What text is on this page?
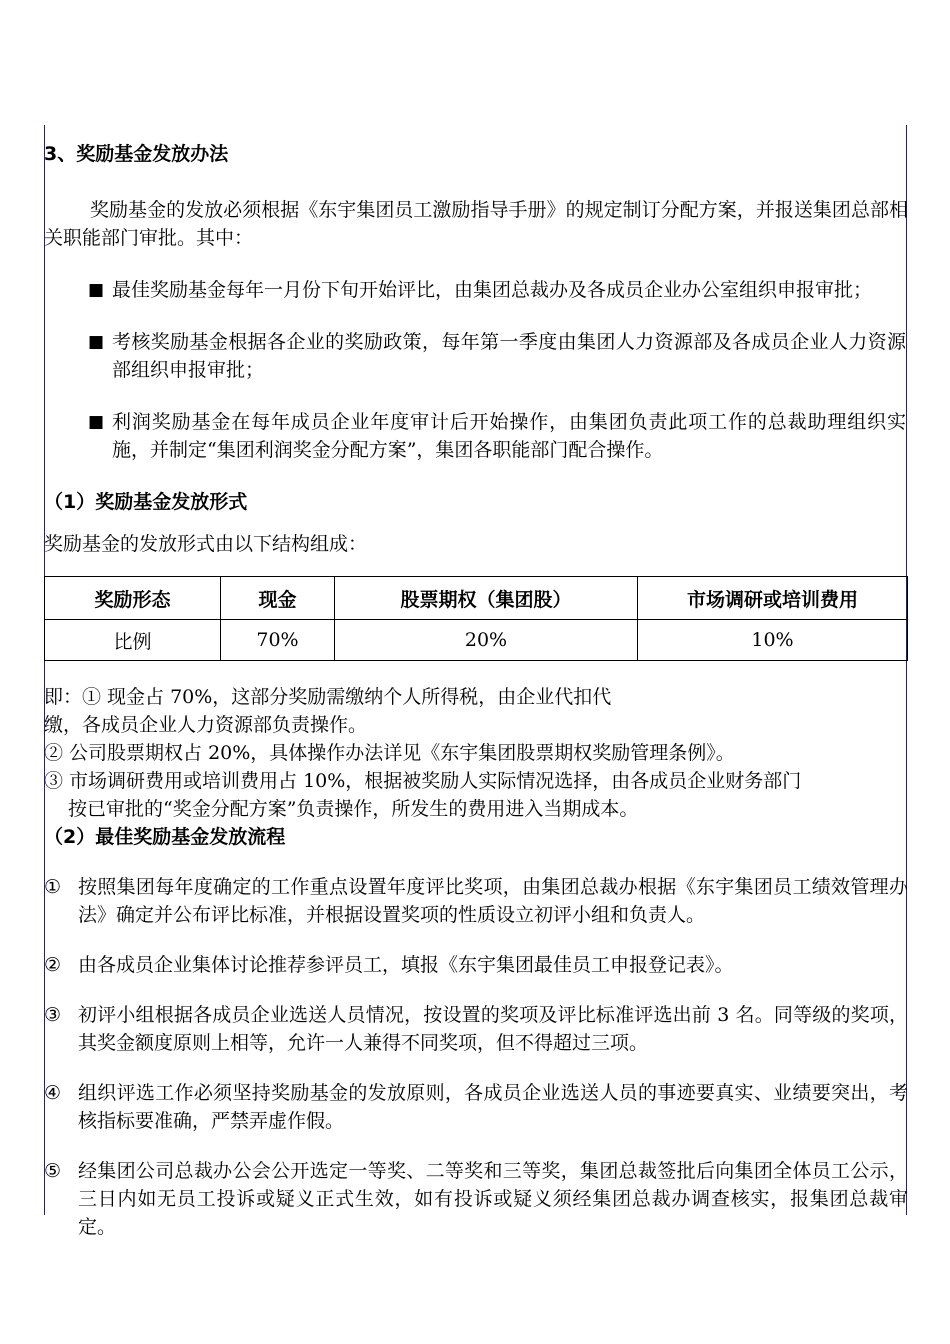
3、奖励基金发放办法
奖励基金的发放必须根据《东宇集团员工激励指导手册》的规定制订分配方案，并报送集团总部相关职能部门审批。其中：
■ 最佳奖励基金每年一月份下旬开始评比，由集团总裁办及各成员企业办公室组织申报审批；
■ 考核奖励基金根据各企业的奖励政策，每年第一季度由集团人力资源部及各成员企业人力资源部组织申报审批；
■ 利润奖励基金在每年成员企业年度审计后开始操作，由集团负责此项工作的总裁助理组织实施，并制定“集团利润奖金分配方案”，集团各职能部门配合操作。
（1）奖励基金发放形式
奖励基金的发放形式由以下结构组成：
奖励形态	现金	股票期权（集团股）	市场调研或培训费用
比例	70%	20%	10%
即：① 现金占 70%，这部分奖励需缴纳个人所得税，由企业代扣代
缴，各成员企业人力资源部负责操作。
② 公司股票期权占 20%，具体操作办法详见《东宇集团股票期权奖励管理条例》。
③ 市场调研费用或培训费用占 10%，根据被奖励人实际情况选择，由各成员企业财务部门
按已审批的“奖金分配方案”负责操作，所发生的费用进入当期成本。
（2）最佳奖励基金发放流程
① 按照集团每年度确定的工作重点设置年度评比奖项，由集团总裁办根据《东宇集团员工绩效管理办法》确定并公布评比标准，并根据设置奖项的性质设立初评小组和负责人。
② 由各成员企业集体讨论推荐参评员工，填报《东宇集团最佳员工申报登记表》。
③ 初评小组根据各成员企业选送人员情况，按设置的奖项及评比标准评选出前 3 名。同等级的奖项，其奖金额度原则上相等，允许一人兼得不同奖项，但不得超过三项。
④ 组织评选工作必须坚持奖励基金的发放原则，各成员企业选送人员的事迹要真实、业绩要突出，考核指标要准确，严禁弄虚作假。
⑤ 经集团公司总裁办公会公开选定一等奖、二等奖和三等奖，集团总裁签批后向集团全体员工公示，三日内如无员工投诉或疑义正式生效，如有投诉或疑义须经集团总裁办调查核实，报集团总裁审定。
